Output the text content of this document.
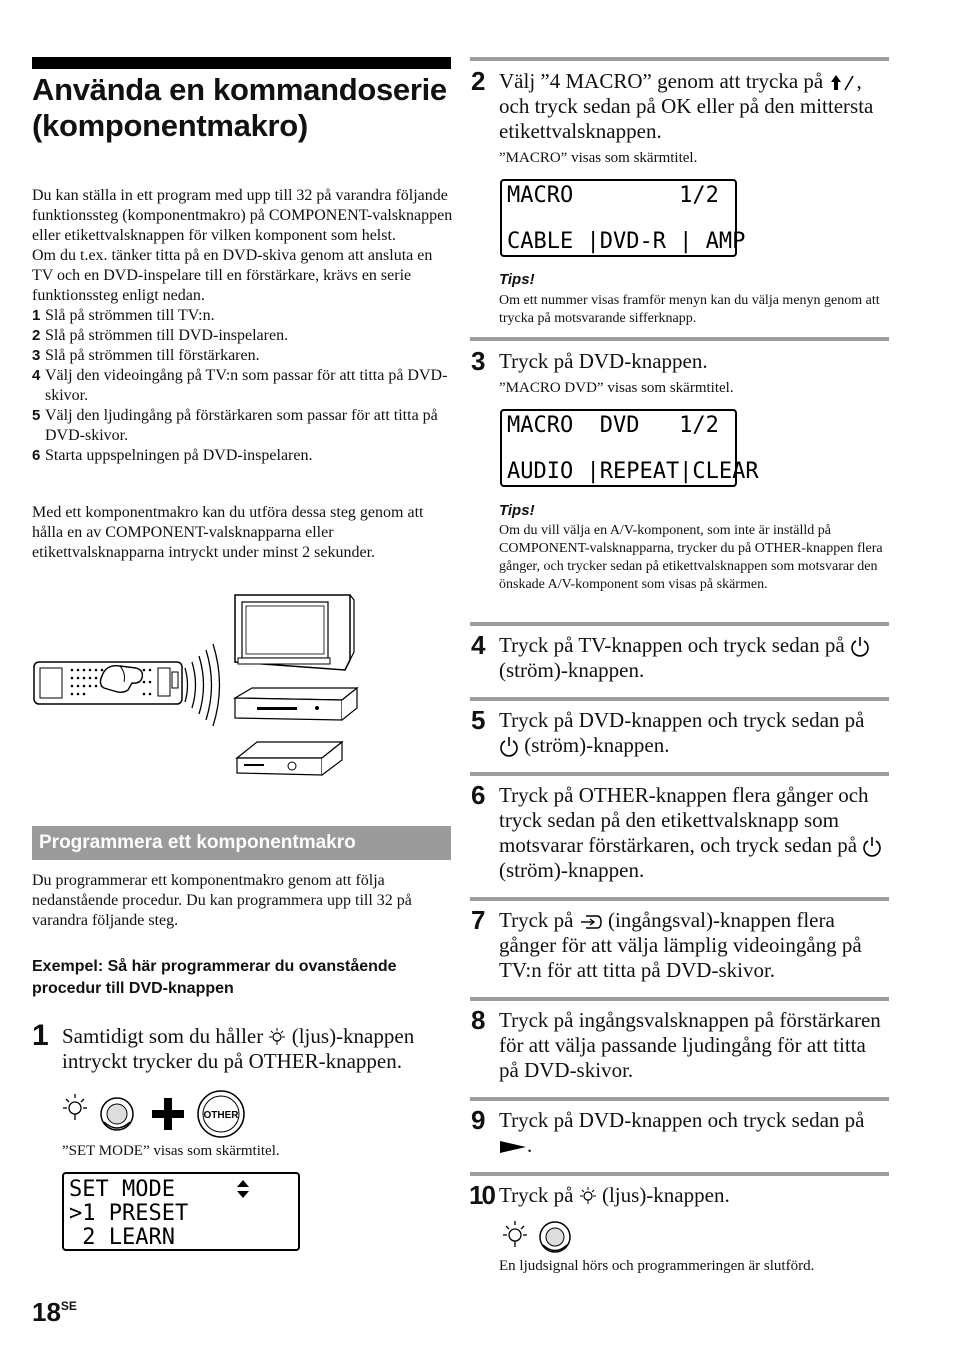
Använda en kommandoserie (komponentmakro)

Du kan ställa in ett program med upp till 32 på varandra följande funktionssteg (komponentmakro) på COMPONENT-valsknappen eller etikettvalsknappen för vilken komponent som helst.

Om du t.ex. tänker titta på en DVD-skiva genom att ansluta en TV och en DVD-inspelare till en förstärkare, krävs en serie funktionssteg enligt nedan.

1 Slå på strömmen till TV:n.
2 Slå på strömmen till DVD-inspelaren.
3 Slå på strömmen till förstärkaren.
4 Välj den videoingång på TV:n som passar för att titta på DVD-skivor.
5 Välj den ljudingång på förstärkaren som passar för att titta på DVD-skivor.
6 Starta uppspelningen på DVD-inspelaren.

Med ett komponentmakro kan du utföra dessa steg genom att hålla en av COMPONENT-valsknapparna eller etikettvalsknapparna intryckt under minst 2 sekunder.

Programmera ett komponentmakro

Du programmerar ett komponentmakro genom att följa nedanstående procedur. Du kan programmera upp till 32 på varandra följande steg.

Exempel: Så här programmerar du ovanstående procedur till DVD-knappen
1 Samtidigt som du håller  (ljus)-knappen intryckt trycker du på OTHER-knappen.
OTHER
”SET MODE” visas som skärmtitel.

SET MODE

>1 PRESET

2 LEARN

$18^{SE}$
2 Välj ”4 MACRO” genom att trycka på , och tryck sedan på OK eller på den mittersta etikettvalsknappen.
”MACRO” visas som skärmtitel.

MACRO        1/2

CABLE |DVD-R | AMP

Tips!
Om ett nummer visas framför menyn kan du välja menyn genom att trycka på motsvarande sifferknapp.
3 Tryck på DVD-knappen.
”MACRO DVD” visas som skärmtitel.

MACRO  DVD   1/2

AUDIO |REPEAT|CLEAR

Tips!
Om du vill välja en A/V-komponent, som inte är inställd på COMPONENT-valsknapparna, trycker du på OTHER-knappen flera gånger, och trycker sedan på etikettvalsknappen som motsvarar den önskade A/V-komponent som visas på skärmen.
4 Tryck på TV-knappen och tryck sedan på  (ström)-knappen.
5 Tryck på DVD-knappen och tryck sedan på  (ström)-knappen.
6 Tryck på OTHER-knappen flera gånger och tryck sedan på den etikettvalsknapp som motsvarar förstärkaren, och tryck sedan på  (ström)-knappen.
7 Tryck på  (ingångsval)-knappen flera gånger för att välja lämplig videoingång på TV:n för att titta på DVD-skivor.
8 Tryck på ingångsvalsknappen på förstärkaren för att välja passande ljudingång för att titta på DVD-skivor.
9 Tryck på DVD-knappen och tryck sedan på .
10 Tryck på  (ljus)-knappen.
En ljudsignal hörs och programmeringen är slutförd.
